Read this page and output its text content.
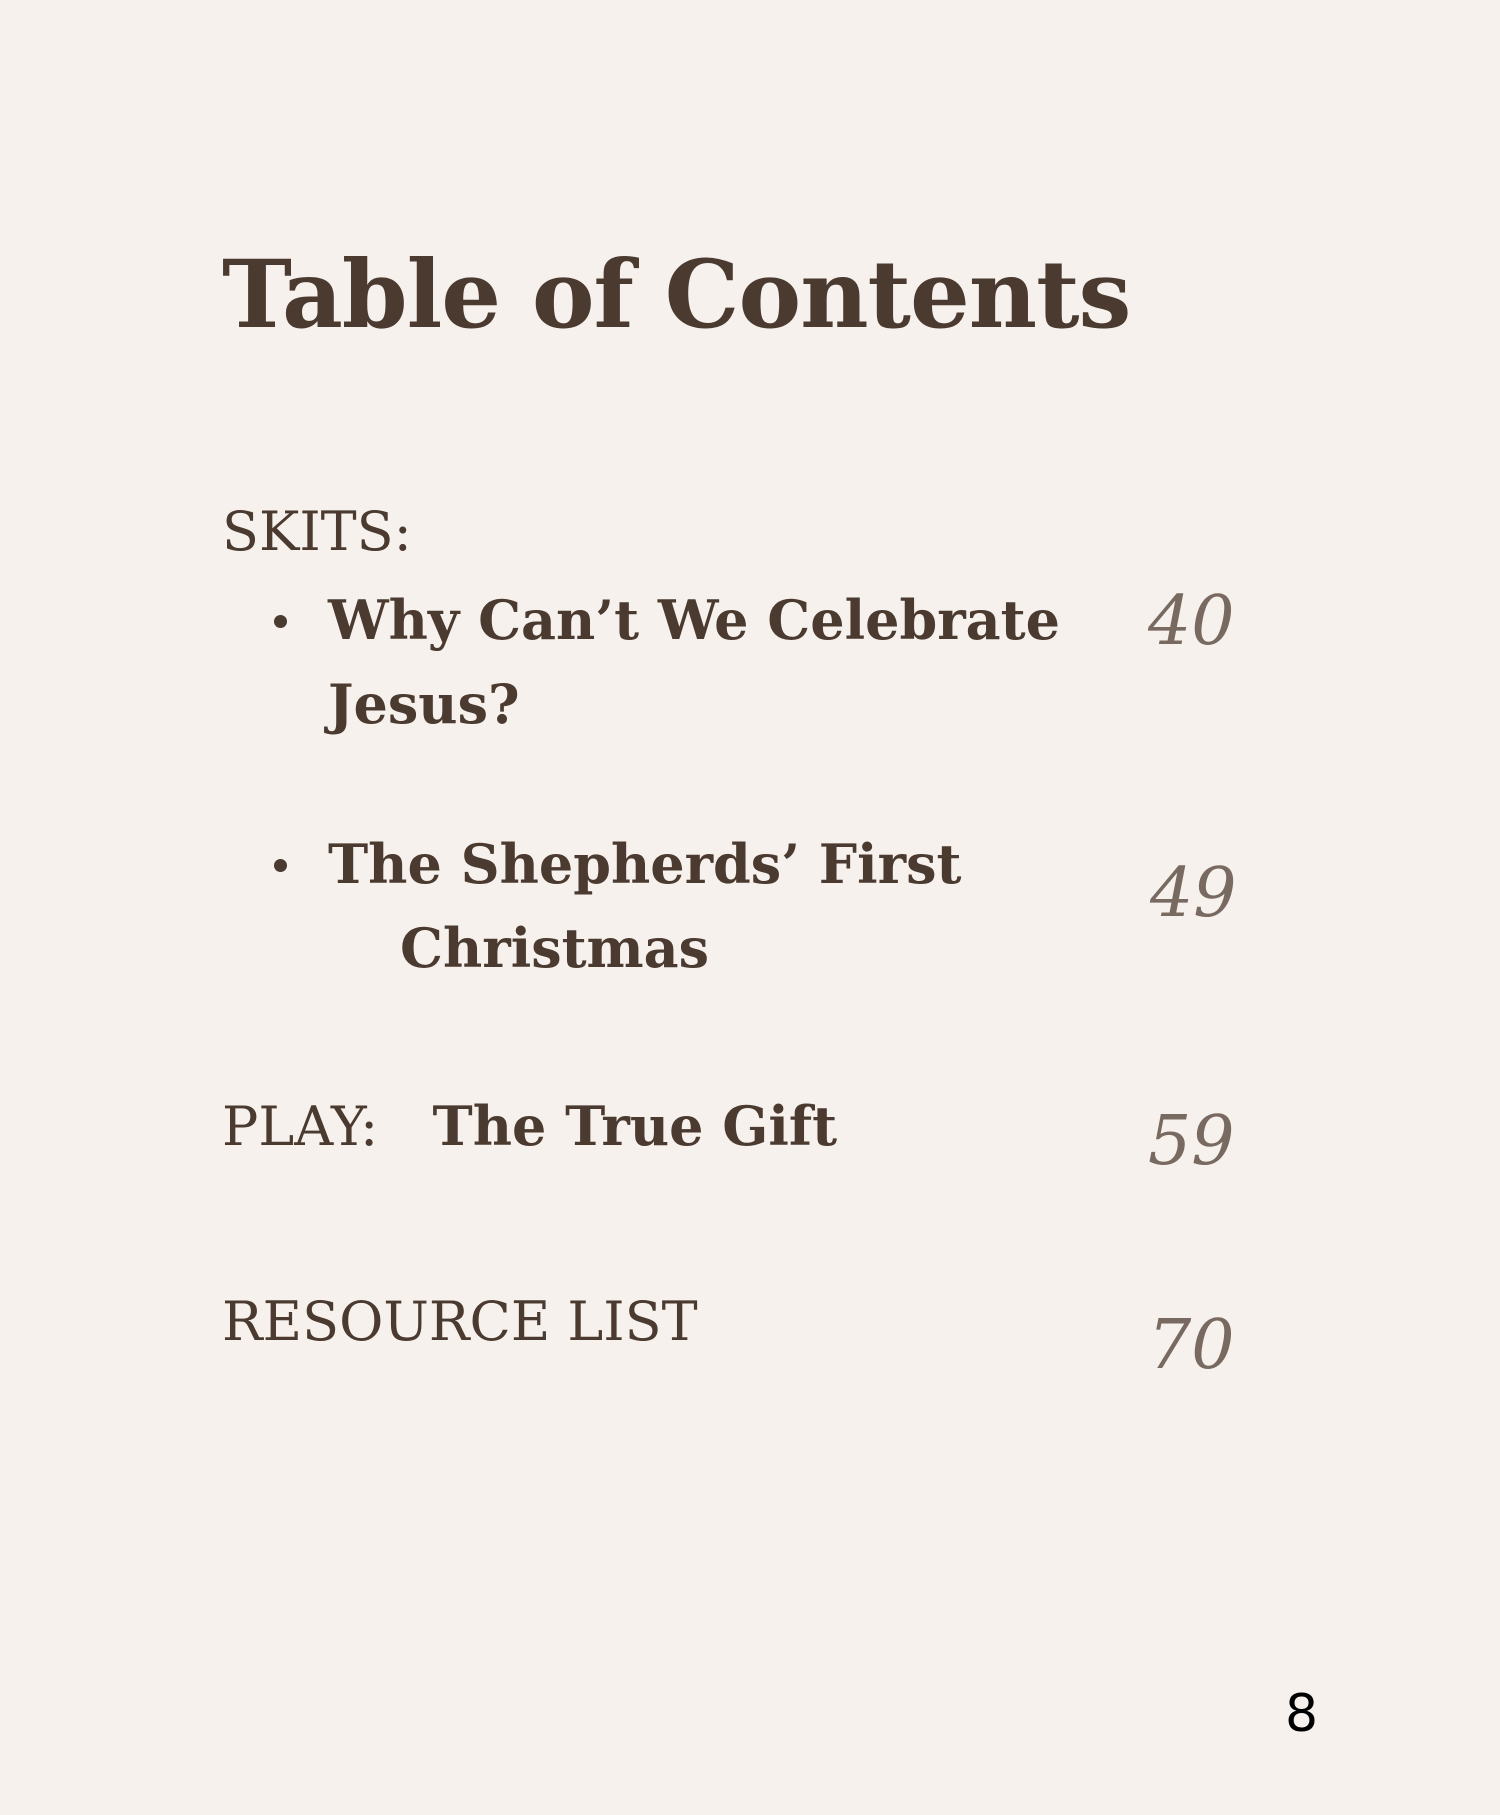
Table of Contents
SKITS:
Why Can’t We Celebrate
Jesus?
40
The Shepherds’ First
Christmas
49
PLAY: The True Gift	59
RESOURCE LIST	70
8
